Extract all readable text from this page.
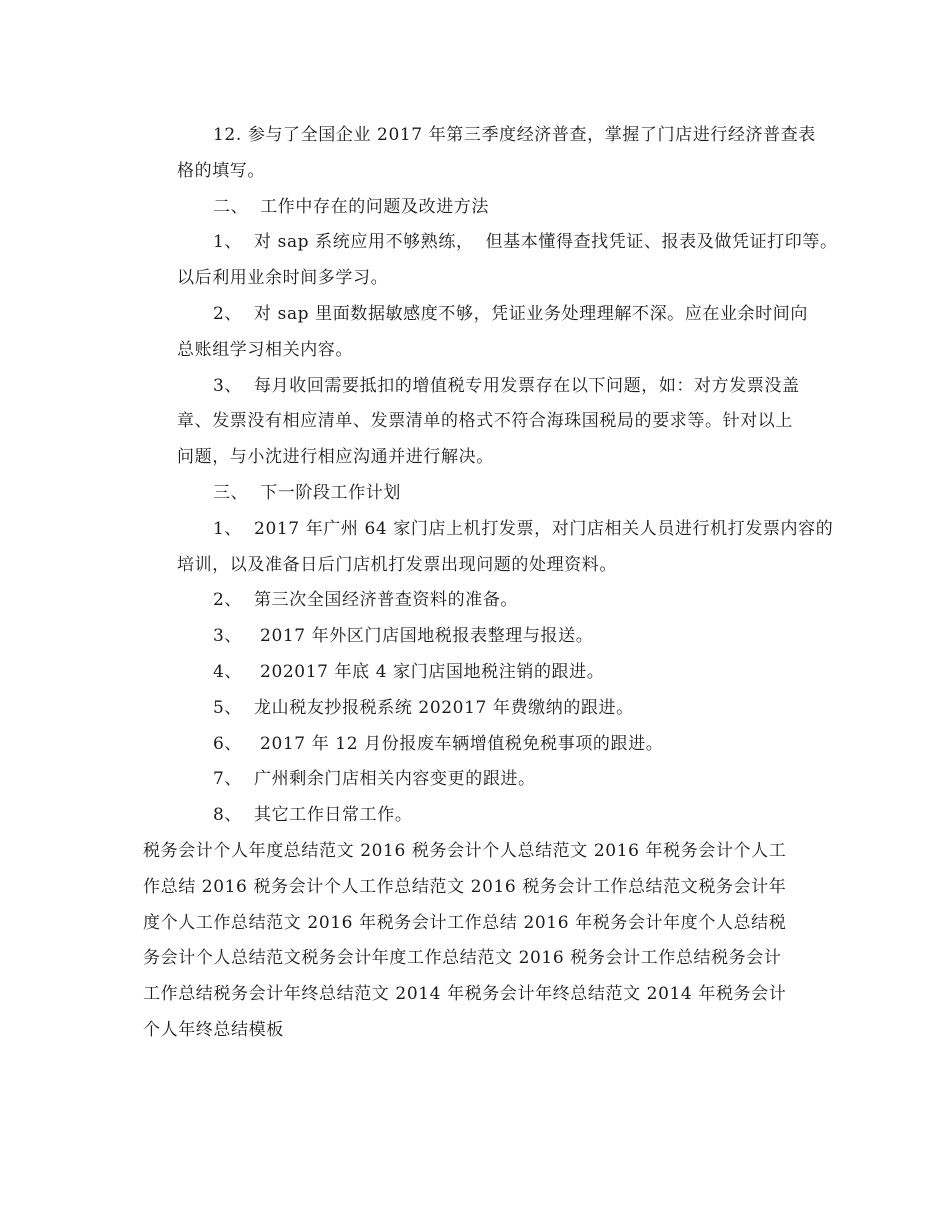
12. 参与了全国企业 2017 年第三季度经济普查，掌握了门店进行经济普查表
格的填写。
二、  工作中存在的问题及改进方法
1、  对 sap 系统应用不够熟练，  但基本懂得查找凭证、报表及做凭证打印等。
以后利用业余时间多学习。
2、  对 sap 里面数据敏感度不够，凭证业务处理理解不深。应在业余时间向
总账组学习相关内容。
3、  每月收回需要抵扣的增值税专用发票存在以下问题，如：对方发票没盖
章、发票没有相应清单、发票清单的格式不符合海珠国税局的要求等。针对以上
问题，与小沈进行相应沟通并进行解决。
三、  下一阶段工作计划
1、  2017 年广州 64 家门店上机打发票，对门店相关人员进行机打发票内容的
培训，以及准备日后门店机打发票出现问题的处理资料。
2、  第三次全国经济普查资料的准备。
3、   2017 年外区门店国地税报表整理与报送。
4、   202017 年底 4 家门店国地税注销的跟进。
5、  龙山税友抄报税系统 202017 年费缴纳的跟进。
6、   2017 年 12 月份报废车辆增值税免税事项的跟进。
7、  广州剩余门店相关内容变更的跟进。
8、  其它工作日常工作。
税务会计个人年度总结范文 2016 税务会计个人总结范文 2016 年税务会计个人工
作总结 2016 税务会计个人工作总结范文 2016 税务会计工作总结范文税务会计年
度个人工作总结范文 2016 年税务会计工作总结 2016 年税务会计年度个人总结税
务会计个人总结范文税务会计年度工作总结范文 2016 税务会计工作总结税务会计
工作总结税务会计年终总结范文 2014 年税务会计年终总结范文 2014 年税务会计
个人年终总结模板
